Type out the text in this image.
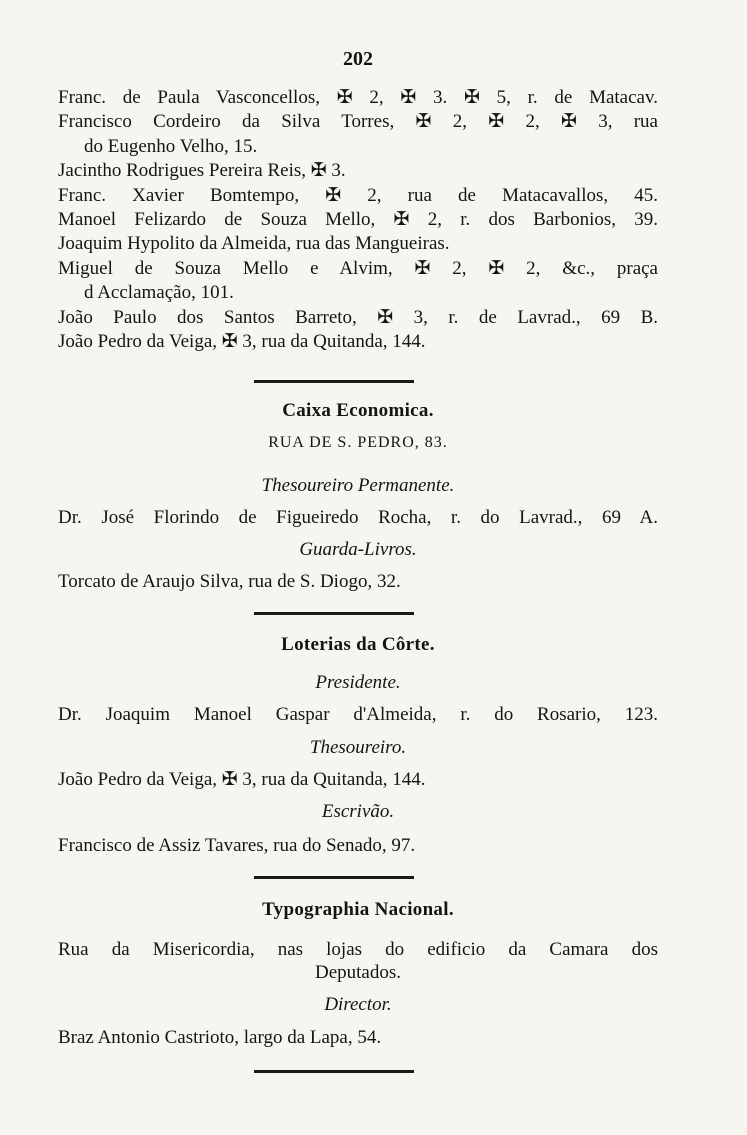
202
Franc. de Paula Vasconcellos, ✠ 2, ✠ 3. ✠ 5, r. de Matacav.
Francisco Cordeiro da Silva Torres, ✠ 2, ✠ 2, ✠ 3, rua
do Eugenho Velho, 15.
Jacintho Rodrigues Pereira Reis, ✠ 3.
Franc. Xavier Bomtempo, ✠ 2, rua de Matacavallos, 45.
Manoel Felizardo de Souza Mello, ✠ 2, r. dos Barbonios, 39.
Joaquim Hypolito da Almeida, rua das Mangueiras.
Miguel de Souza Mello e Alvim, ✠ 2, ✠ 2, &c., praça
d Acclamação, 101.
João Paulo dos Santos Barreto, ✠ 3, r. de Lavrad., 69 B.
João Pedro da Veiga, ✠ 3, rua da Quitanda, 144.
Caixa Economica.
RUA DE S. PEDRO, 83.
Thesoureiro Permanente.
Dr. José Florindo de Figueiredo Rocha, r. do Lavrad., 69 A.
Guarda-Livros.
Torcato de Araujo Silva, rua de S. Diogo, 32.
Loterias da Côrte.
Presidente.
Dr. Joaquim Manoel Gaspar d'Almeida, r. do Rosario, 123.
Thesoureiro.
João Pedro da Veiga, ✠ 3, rua da Quitanda, 144.
Escrivão.
Francisco de Assiz Tavares, rua do Senado, 97.
Typographia Nacional.
Rua da Misericordia, nas lojas do edificio da Camara dos
Deputados.
Director.
Braz Antonio Castrioto, largo da Lapa, 54.
